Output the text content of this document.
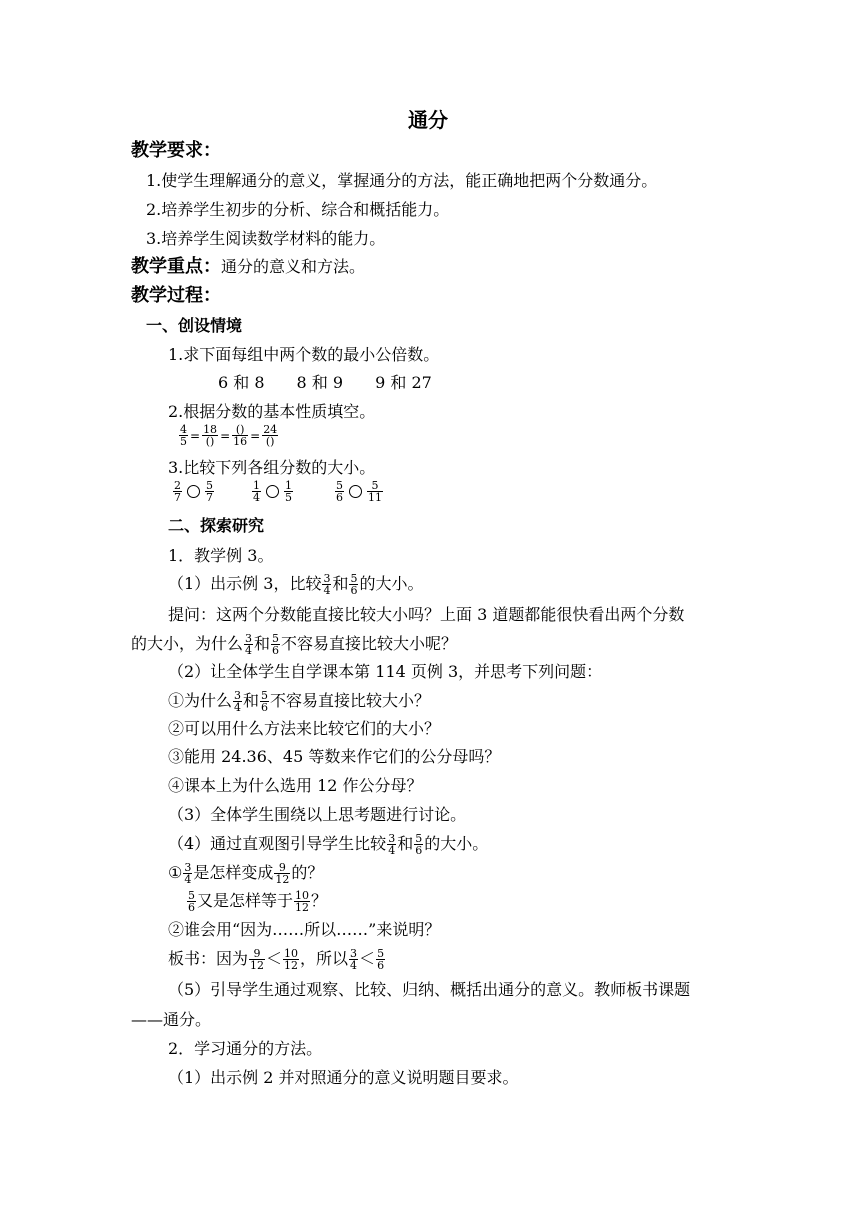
通分
教学要求：
1.使学生理解通分的意义，掌握通分的方法，能正确地把两个分数通分。
2.培养学生初步的分析、综合和概括能力。
3.培养学生阅读数学材料的能力。
教学重点：通分的意义和方法。
教学过程：
一、创设情境
1.求下面每组中两个数的最小公倍数。
6 和 8 8 和 9 9 和 27
2.根据分数的基本性质填空。
$\frac{4}{5} = \frac{18}{()} = \frac{()}{16} = \frac{24}{()}$
3.比较下列各组分数的大小。
$\frac{2}{7} \frac{5}{7}$	$\frac{1}{4} \frac{1}{5}$	$\frac{5}{6} \frac{5}{11}$
二、探索研究
1．教学例 3。
（1）出示例 3，比较 $\frac{3}{4}$ 和 $\frac{5}{6}$ 的大小。
提问：这两个分数能直接比较大小吗？上面 3 道题都能很快看出两个分数
的大小，为什么 $\frac{3}{4}$ 和 $\frac{5}{6}$ 不容易直接比较大小呢？
（2）让全体学生自学课本第 114 页例 3，并思考下列问题：
①为什么 $\frac{3}{4}$ 和 $\frac{5}{6}$ 不容易直接比较大小？
②可以用什么方法来比较它们的大小？
③能用 24.36、45 等数来作它们的公分母吗？
④课本上为什么选用 12 作公分母？
（3）全体学生围绕以上思考题进行讨论。
（4）通过直观图引导学生比较 $\frac{3}{4}$ 和 $\frac{5}{6}$ 的大小。
① $\frac{3}{4}$ 是怎样变成 $\frac{9}{12}$ 的？
$\frac{5}{6}$ 又是怎样等于 $\frac{10}{12}$ ？
②谁会用“因为……所以……”来说明？
板书：因为 $\frac{9}{12} < \frac{10}{12}$ ，所以 $\frac{3}{4} < \frac{5}{6}$
（5）引导学生通过观察、比较、归纳、概括出通分的意义。教师板书课题
——通分。
2．学习通分的方法。
（1）出示例 2 并对照通分的意义说明题目要求。
